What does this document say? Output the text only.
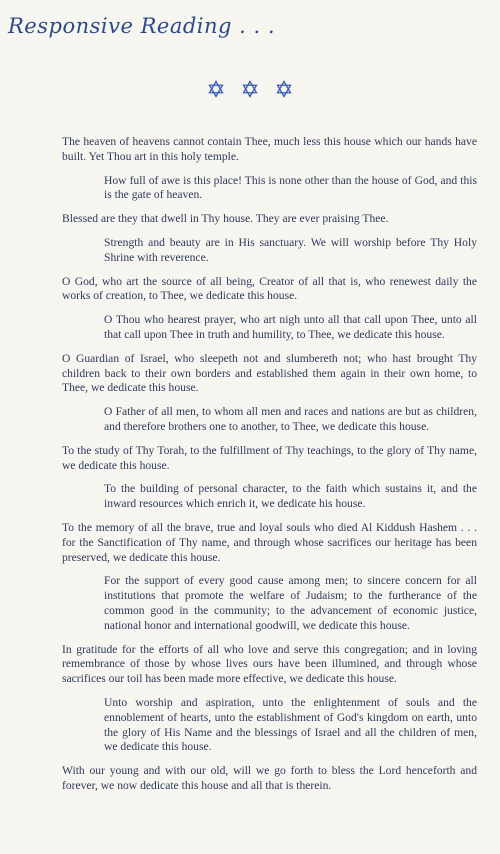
Responsive Reading . . .

The heaven of heavens cannot contain Thee, much less this house which our hands have built. Yet Thou art in this holy temple.

How full of awe is this place! This is none other than the house of God, and this is the gate of heaven.

Blessed are they that dwell in Thy house. They are ever praising Thee.

Strength and beauty are in His sanctuary. We will worship before Thy Holy Shrine with reverence.

O God, who art the source of all being, Creator of all that is, who renewest daily the works of creation, to Thee, we dedicate this house.

O Thou who hearest prayer, who art nigh unto all that call upon Thee, unto all that call upon Thee in truth and humility, to Thee, we dedicate this house.

O Guardian of Israel, who sleepeth not and slumbereth not; who hast brought Thy children back to their own borders and established them again in their own home, to Thee, we dedicate this house.

O Father of all men, to whom all men and races and nations are but as children, and therefore brothers one to another, to Thee, we dedicate this house.

To the study of Thy Torah, to the fulfillment of Thy teachings, to the glory of Thy name, we dedicate this house.

To the building of personal character, to the faith which sustains it, and the inward resources which enrich it, we dedicate his house.

To the memory of all the brave, true and loyal souls who died Al Kiddush Hashem . . . for the Sanctification of Thy name, and through whose sacrifices our heritage has been preserved, we dedicate this house.

For the support of every good cause among men; to sincere concern for all institutions that promote the welfare of Judaism; to the furtherance of the common good in the community; to the advancement of economic justice, national honor and international goodwill, we dedicate this house.

In gratitude for the efforts of all who love and serve this congregation; and in loving remembrance of those by whose lives ours have been illumined, and through whose sacrifices our toil has been made more effective, we dedicate this house.

Unto worship and aspiration, unto the enlightenment of souls and the ennoblement of hearts, unto the establishment of God's kingdom on earth, unto the glory of His Name and the blessings of Israel and all the children of men, we dedicate this house.

With our young and with our old, will we go forth to bless the Lord henceforth and forever, we now dedicate this house and all that is therein.
